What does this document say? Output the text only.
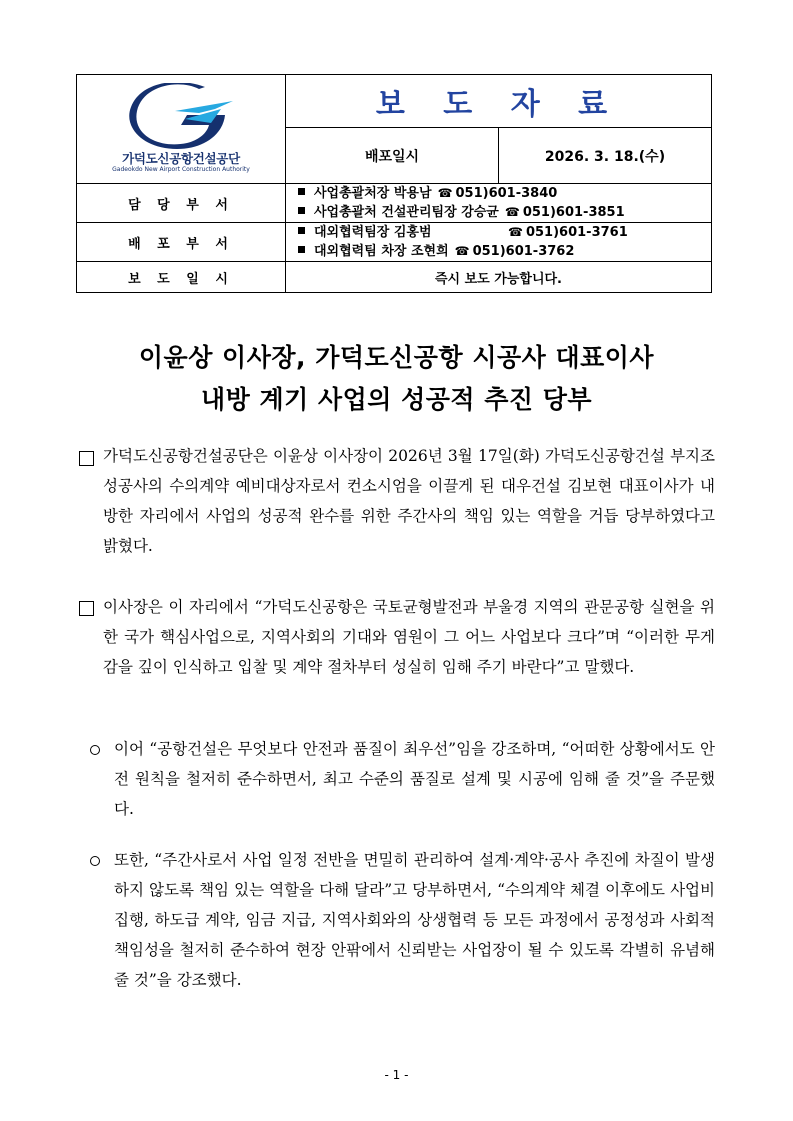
가덕도신공항건설공단
Gadeokdo New Airport Construction Authority	보 도 자 료	
	배포일시	2026. 3. 18.(수)
담 당 부 서	사업총괄처장 박용남 ☎ 051)601-3840
사업총괄처 건설관리팀장 강승균 ☎ 051)601-3851	

배 포 부 서	대외협력팀장 김홍범 ☎ 051)601-3761
대외협력팀 차장 조현희 ☎ 051)601-3762	

보 도 일 시	즉시 보도 가능합니다.	
이윤상 이사장, 가덕도신공항 시공사 대표이사
내방 계기 사업의 성공적 추진 당부
가덕도신공항건설공단은 이윤상 이사장이 2026년 3월 17일(화) 가덕도신공항건설 부지조성공사의 수의계약 예비대상자로서 컨소시엄을 이끌게 된 대우건설 김보현 대표이사가 내방한 자리에서 사업의 성공적 완수를 위한 주간사의 책임 있는 역할을 거듭 당부하였다고 밝혔다.
이사장은 이 자리에서 “가덕도신공항은 국토균형발전과 부울경 지역의 관문공항 실현을 위한 국가 핵심사업으로, 지역사회의 기대와 염원이 그 어느 사업보다 크다”며 “이러한 무게감을 깊이 인식하고 입찰 및 계약 절차부터 성실히 임해 주기 바란다”고 말했다.
이어 “공항건설은 무엇보다 안전과 품질이 최우선”임을 강조하며, “어떠한 상황에서도 안전 원칙을 철저히 준수하면서, 최고 수준의 품질로 설계 및 시공에 임해 줄 것”을 주문했다.
또한, “주간사로서 사업 일정 전반을 면밀히 관리하여 설계·계약·공사 추진에 차질이 발생하지 않도록 책임 있는 역할을 다해 달라”고 당부하면서, “수의계약 체결 이후에도 사업비 집행, 하도급 계약, 임금 지급, 지역사회와의 상생협력 등 모든 과정에서 공정성과 사회적 책임성을 철저히 준수하여 현장 안팎에서 신뢰받는 사업장이 될 수 있도록 각별히 유념해 줄 것”을 강조했다.
- 1 -
